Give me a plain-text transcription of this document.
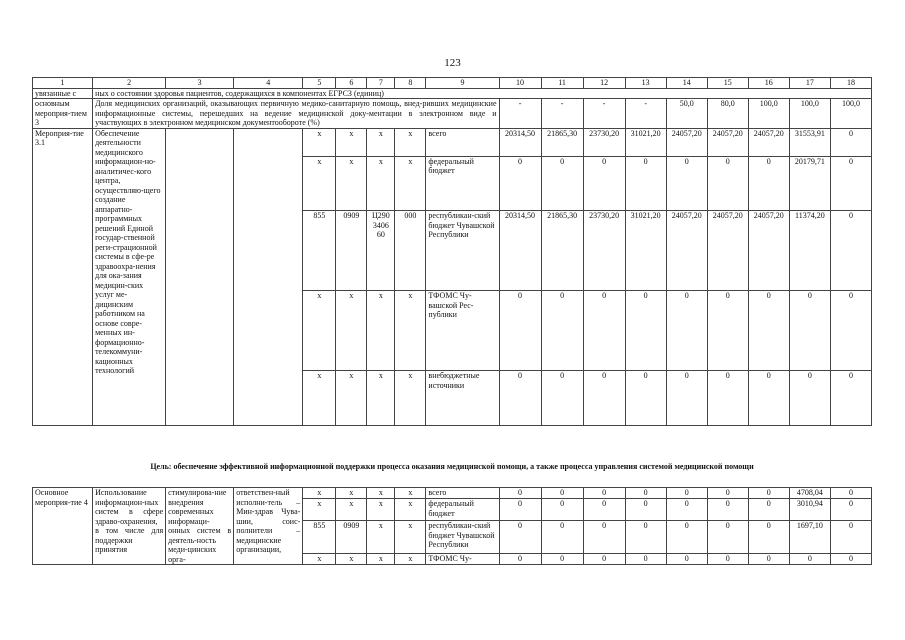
123
1	2	3	4	5	6	7	8	9	10	11	12	13	14	15	16	17	18
увязанные с	ных о состоянии здоровья пациентов, содержащихся в компонентах ЕГРСЗ (единиц)																
основным мероприя-тием 3	Доля медицинских организаций, оказывающих первичную медико-санитарную помощь, внед-ривших медицинские информационные системы, перешедших на ведение медицинской доку-ментации в электронном виде и участвующих в электронном медицинском документообороте (%)								-	-	-	-	50,0	80,0	100,0	100,0	100,0
Мероприя-тие 3.1	Обеспечение деятельности медицинского информацион-но-аналитичес-кого центра, осуществляю-щего создание аппаратно-программных решений Единой государ-ственной реги-страционной системы в сфе-ре здравоохра-нения для ока-зания медицин-ских услуг ме-дицинским работником на основе совре-менных ин-формационно-телекоммуни-кационных технологий			x	x	x	x	всего	20314,50	21865,30	23730,20	31021,20	24057,20	24057,20	24057,20	31553,91	0
				x	x	x	x	федеральный бюджет	0	0	0	0	0	0	0	20179,71	0
				855	0909	Ц290 3406 60	000	республикан-ский бюджет Чувашской Республики	20314,50	21865,30	23730,20	31021,20	24057,20	24057,20	24057,20	11374,20	0
				x	x	x	x	ТФОМС Чу-вашской Рес-публики	0	0	0	0	0	0	0	0	0
				x	x	x	x	внебюджетные источники	0	0	0	0	0	0	0	0	0
Цель: обеспечение эффективной информационной поддержки процесса оказания медицинской помощи, а также процесса управления системой медицинской помощи
Основное мероприя-тие 4	Использование информацион-ных систем в сфере здраво-охранения, в том числе для поддержки принятия	стимулирова-ние внедрения современных информаци-онных систем в деятель-ность меди-цинских орга-	ответствен-ный исполни-тель – Мин-здрав Чува-шии, соис-полнители – медицинские организации,	x	x	x	x	всего	0	0	0	0	0	0	0	4708,04	0
				x	x	x	x	федеральный бюджет	0	0	0	0	0	0	0	3010,94	0
				855	0909	x	x	республикан-ский бюджет Чувашской Республики	0	0	0	0	0	0	0	1697,10	0
				x	x	x	x	ТФОМС Чу-	0	0	0	0	0	0	0	0	0
